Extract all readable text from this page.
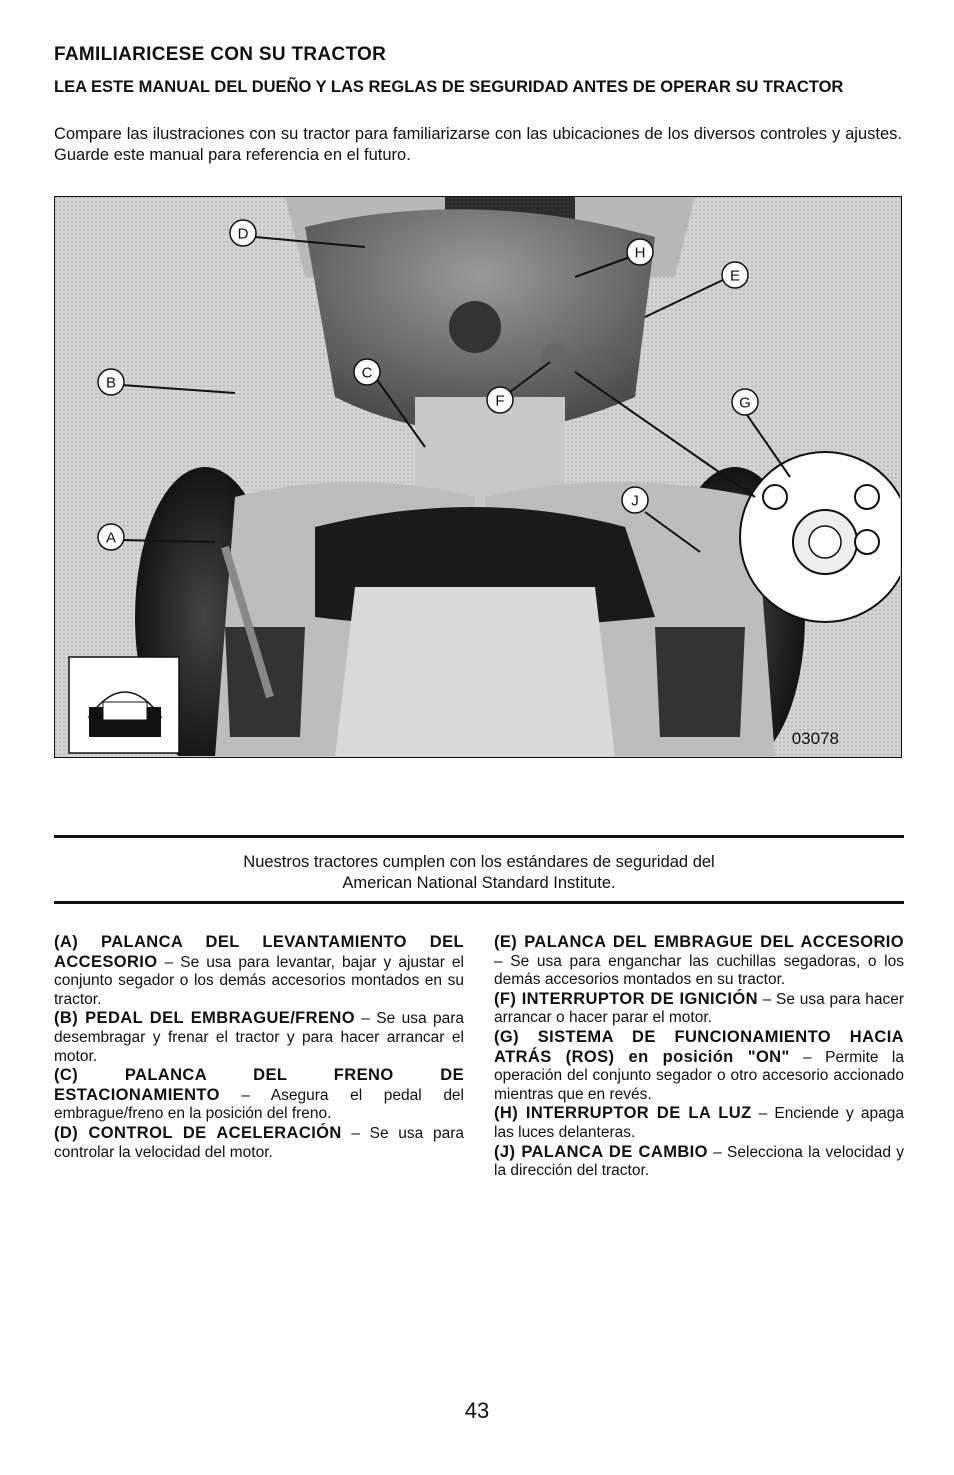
FAMILIARICESE CON SU TRACTOR
LEA ESTE MANUAL DEL DUEÑO Y LAS REGLAS DE SEGURIDAD ANTES DE OPERAR SU TRACTOR

Compare las ilustraciones con su tractor para familiarizarse con las ubicaciones de los diversos controles y ajustes. Guarde este manual para referencia en el futuro.

D
B
C
A
H
E
F	G
J
03078
Nuestros tractores cumplen con los estándares de seguridad del
American National Standard Institute.

(A) PALANCA DEL LEVANTAMIENTO DEL ACCESORIO – Se usa para levantar, bajar y ajustar el conjunto segador o los demás accesorios montados en su tractor.

(B) PEDAL DEL EMBRAGUE/FRENO – Se usa para desembragar y frenar el tractor y para hacer arrancar el motor.

(C) PALANCA DEL FRENO DE ESTACIONAMIENTO – Asegura el pedal del embrague/freno en la posición del freno.

(D) CONTROL DE ACELERACIÓN – Se usa para controlar la velocidad del motor.

(E) PALANCA DEL EMBRAGUE DEL ACCESORIO – Se usa para enganchar las cuchillas segadoras, o los demás accesorios montados en su tractor.

(F) INTERRUPTOR DE IGNICIÓN – Se usa para hacer arrancar o hacer parar el motor.

(G) SISTEMA DE FUNCIONAMIENTO HACIA ATRÁS (ROS) en posición "ON" – Permite la operación del conjunto segador o otro accesorio accionado mientras que en revés.

(H) INTERRUPTOR DE LA LUZ – Enciende y apaga las luces delanteras.

(J) PALANCA DE CAMBIO – Selecciona la velocidad y la dirección del tractor.

43
